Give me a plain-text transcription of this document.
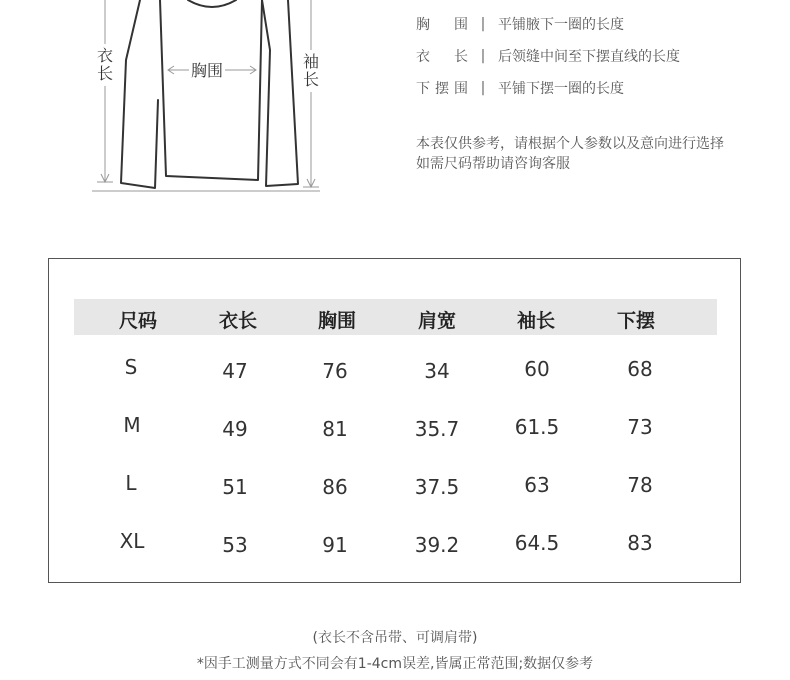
衣长	胸围	袖长
胸　围 | 平铺腋下一圈的长度
衣　长 | 后领缝中间至下摆直线的长度
下摆围 | 平铺下摆一圈的长度
本表仅供参考，请根据个人参数以及意向进行选择
如需尺码帮助请咨询客服
尺码	衣长	胸围	肩宽	袖长	下摆
S	47	76	34	60	68
M	49	81	35.7	61.5	73
L	51	86	37.5	63	78
XL	53	91	39.2	64.5	83
(衣长不含吊带、可调肩带)
*因手工测量方式不同会有1-4cm误差,皆属正常范围;数据仅参考
